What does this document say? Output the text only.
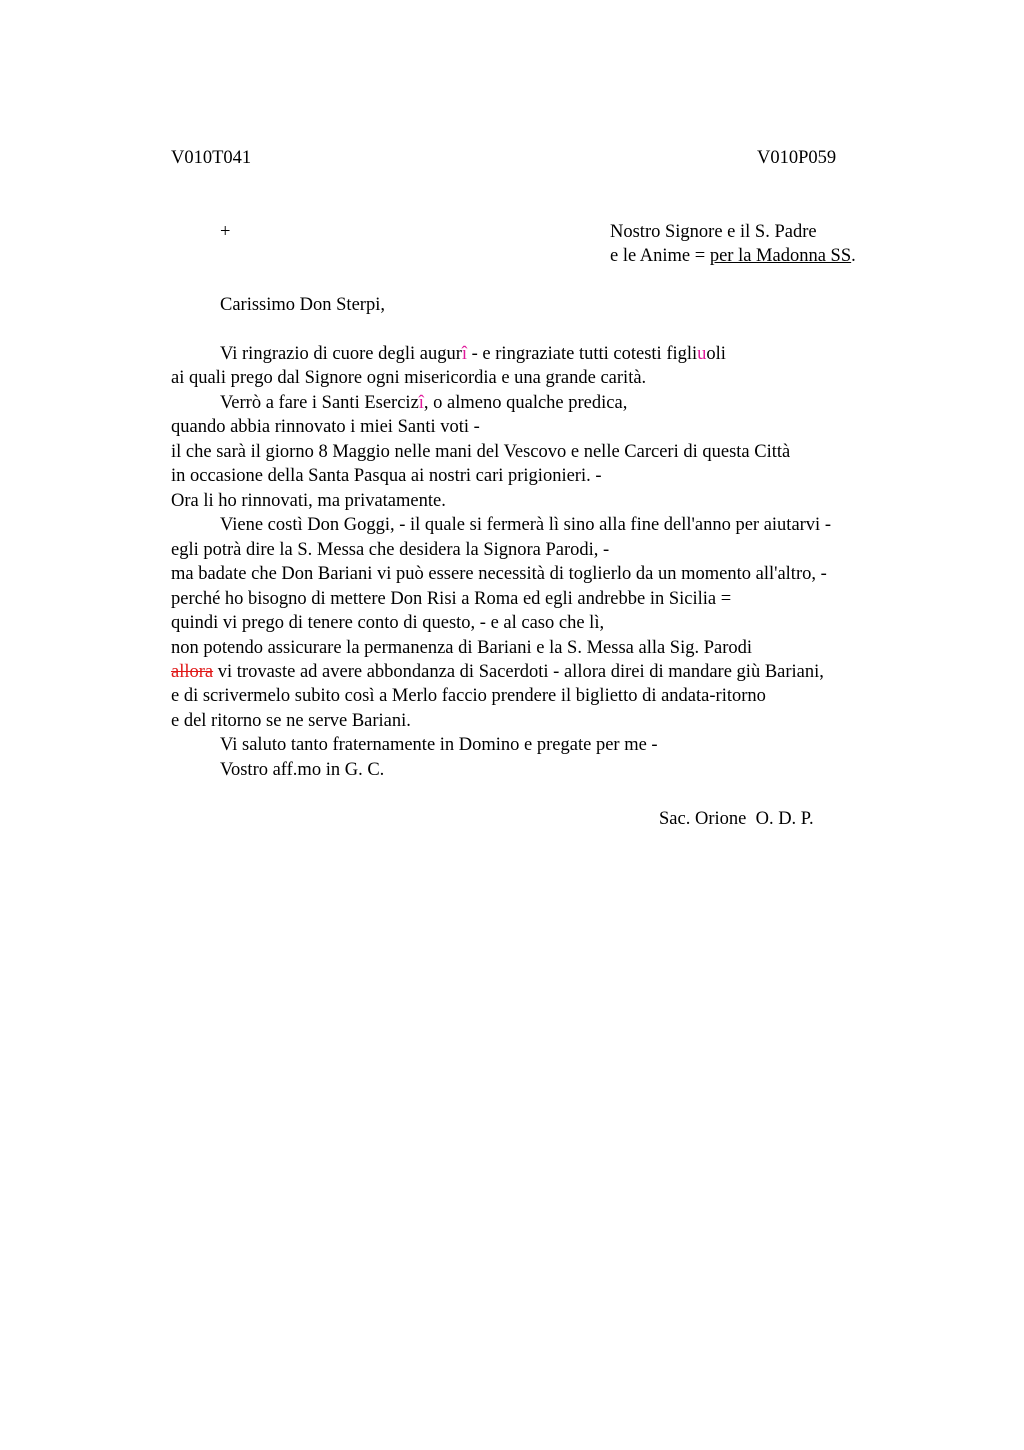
V010T041	V010P059
+	Nostro Signore e il S. Padre
e le Anime = per la Madonna SS.
Carissimo Don Sterpi,
Vi ringrazio di cuore degli augurî - e ringraziate tutti cotesti figliuoli
ai quali prego dal Signore ogni misericordia e una grande carità.
Verrò a fare i Santi Esercizî, o almeno qualche predica,
quando abbia rinnovato i miei Santi voti -
il che sarà il giorno 8 Maggio nelle mani del Vescovo e nelle Carceri di questa Città
in occasione della Santa Pasqua ai nostri cari prigionieri. -
Ora li ho rinnovati, ma privatamente.
Viene costì Don Goggi, - il quale si fermerà lì sino alla fine dell'anno per aiutarvi -
egli potrà dire la S. Messa che desidera la Signora Parodi, -
ma badate che Don Bariani vi può essere necessità di toglierlo da un momento all'altro, -
perché ho bisogno di mettere Don Risi a Roma ed egli andrebbe in Sicilia =
quindi vi prego di tenere conto di questo, - e al caso che lì,
non potendo assicurare la permanenza di Bariani e la S. Messa alla Sig. Parodi
allora vi trovaste ad avere abbondanza di Sacerdoti - allora direi di mandare giù Bariani,
e di scrivermelo subito così a Merlo faccio prendere il biglietto di andata-ritorno
e del ritorno se ne serve Bariani.
Vi saluto tanto fraternamente in Domino e pregate per me -
Vostro aff.mo in G. C.
Sac. Orione  O. D. P.
